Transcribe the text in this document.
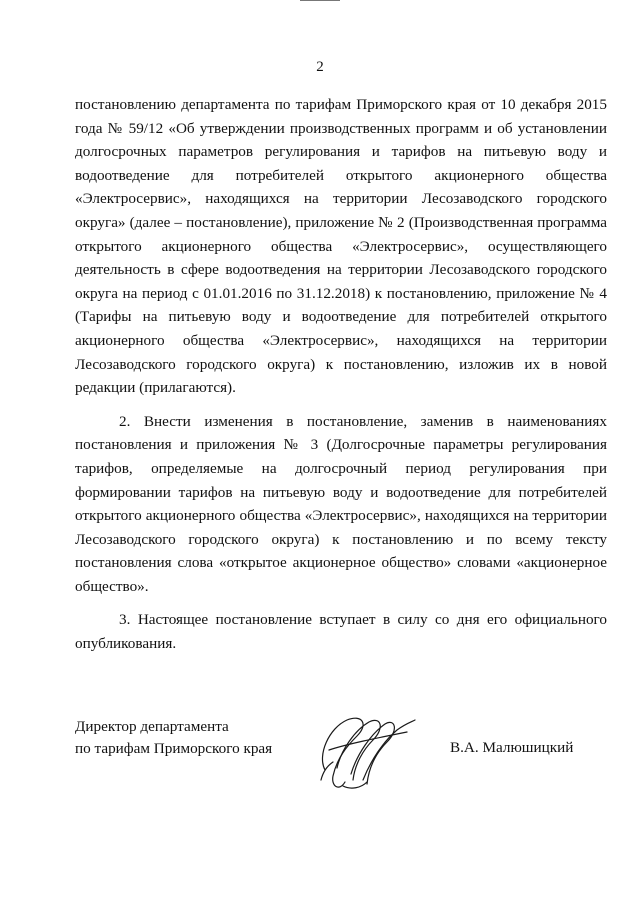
2

постановлению департамента по тарифам Приморского края от 10 декабря 2015 года № 59/12 «Об утверждении производственных программ и об установлении долгосрочных параметров регулирования и тарифов на питьевую воду и водоотведение для потребителей открытого акционерного общества «Электросервис», находящихся на территории Лесозаводского городского округа» (далее – постановление), приложение № 2 (Производственная программа открытого акционерного общества «Электросервис», осуществляющего деятельность в сфере водоотведения на территории Лесозаводского городского округа на период с 01.01.2016 по 31.12.2018) к постановлению, приложение № 4 (Тарифы на питьевую воду и водоотведение для потребителей открытого акционерного общества «Электросервис», находящихся на территории Лесозаводского городского округа) к постановлению, изложив их в новой редакции (прилагаются).

2. Внести изменения в постановление, заменив в наименованиях постановления и приложения № 3 (Долгосрочные параметры регулирования тарифов, определяемые на долгосрочный период регулирования при формировании тарифов на питьевую воду и водоотведение для потребителей открытого акционерного общества «Электросервис», находящихся на территории Лесозаводского городского округа) к постановлению и по всему тексту постановления слова «открытое акционерное общество» словами «акционерное общество».

3. Настоящее постановление вступает в силу со дня его официального опубликования.

Директор департамента
по тарифам Приморского края	В.А. Малюшицкий
